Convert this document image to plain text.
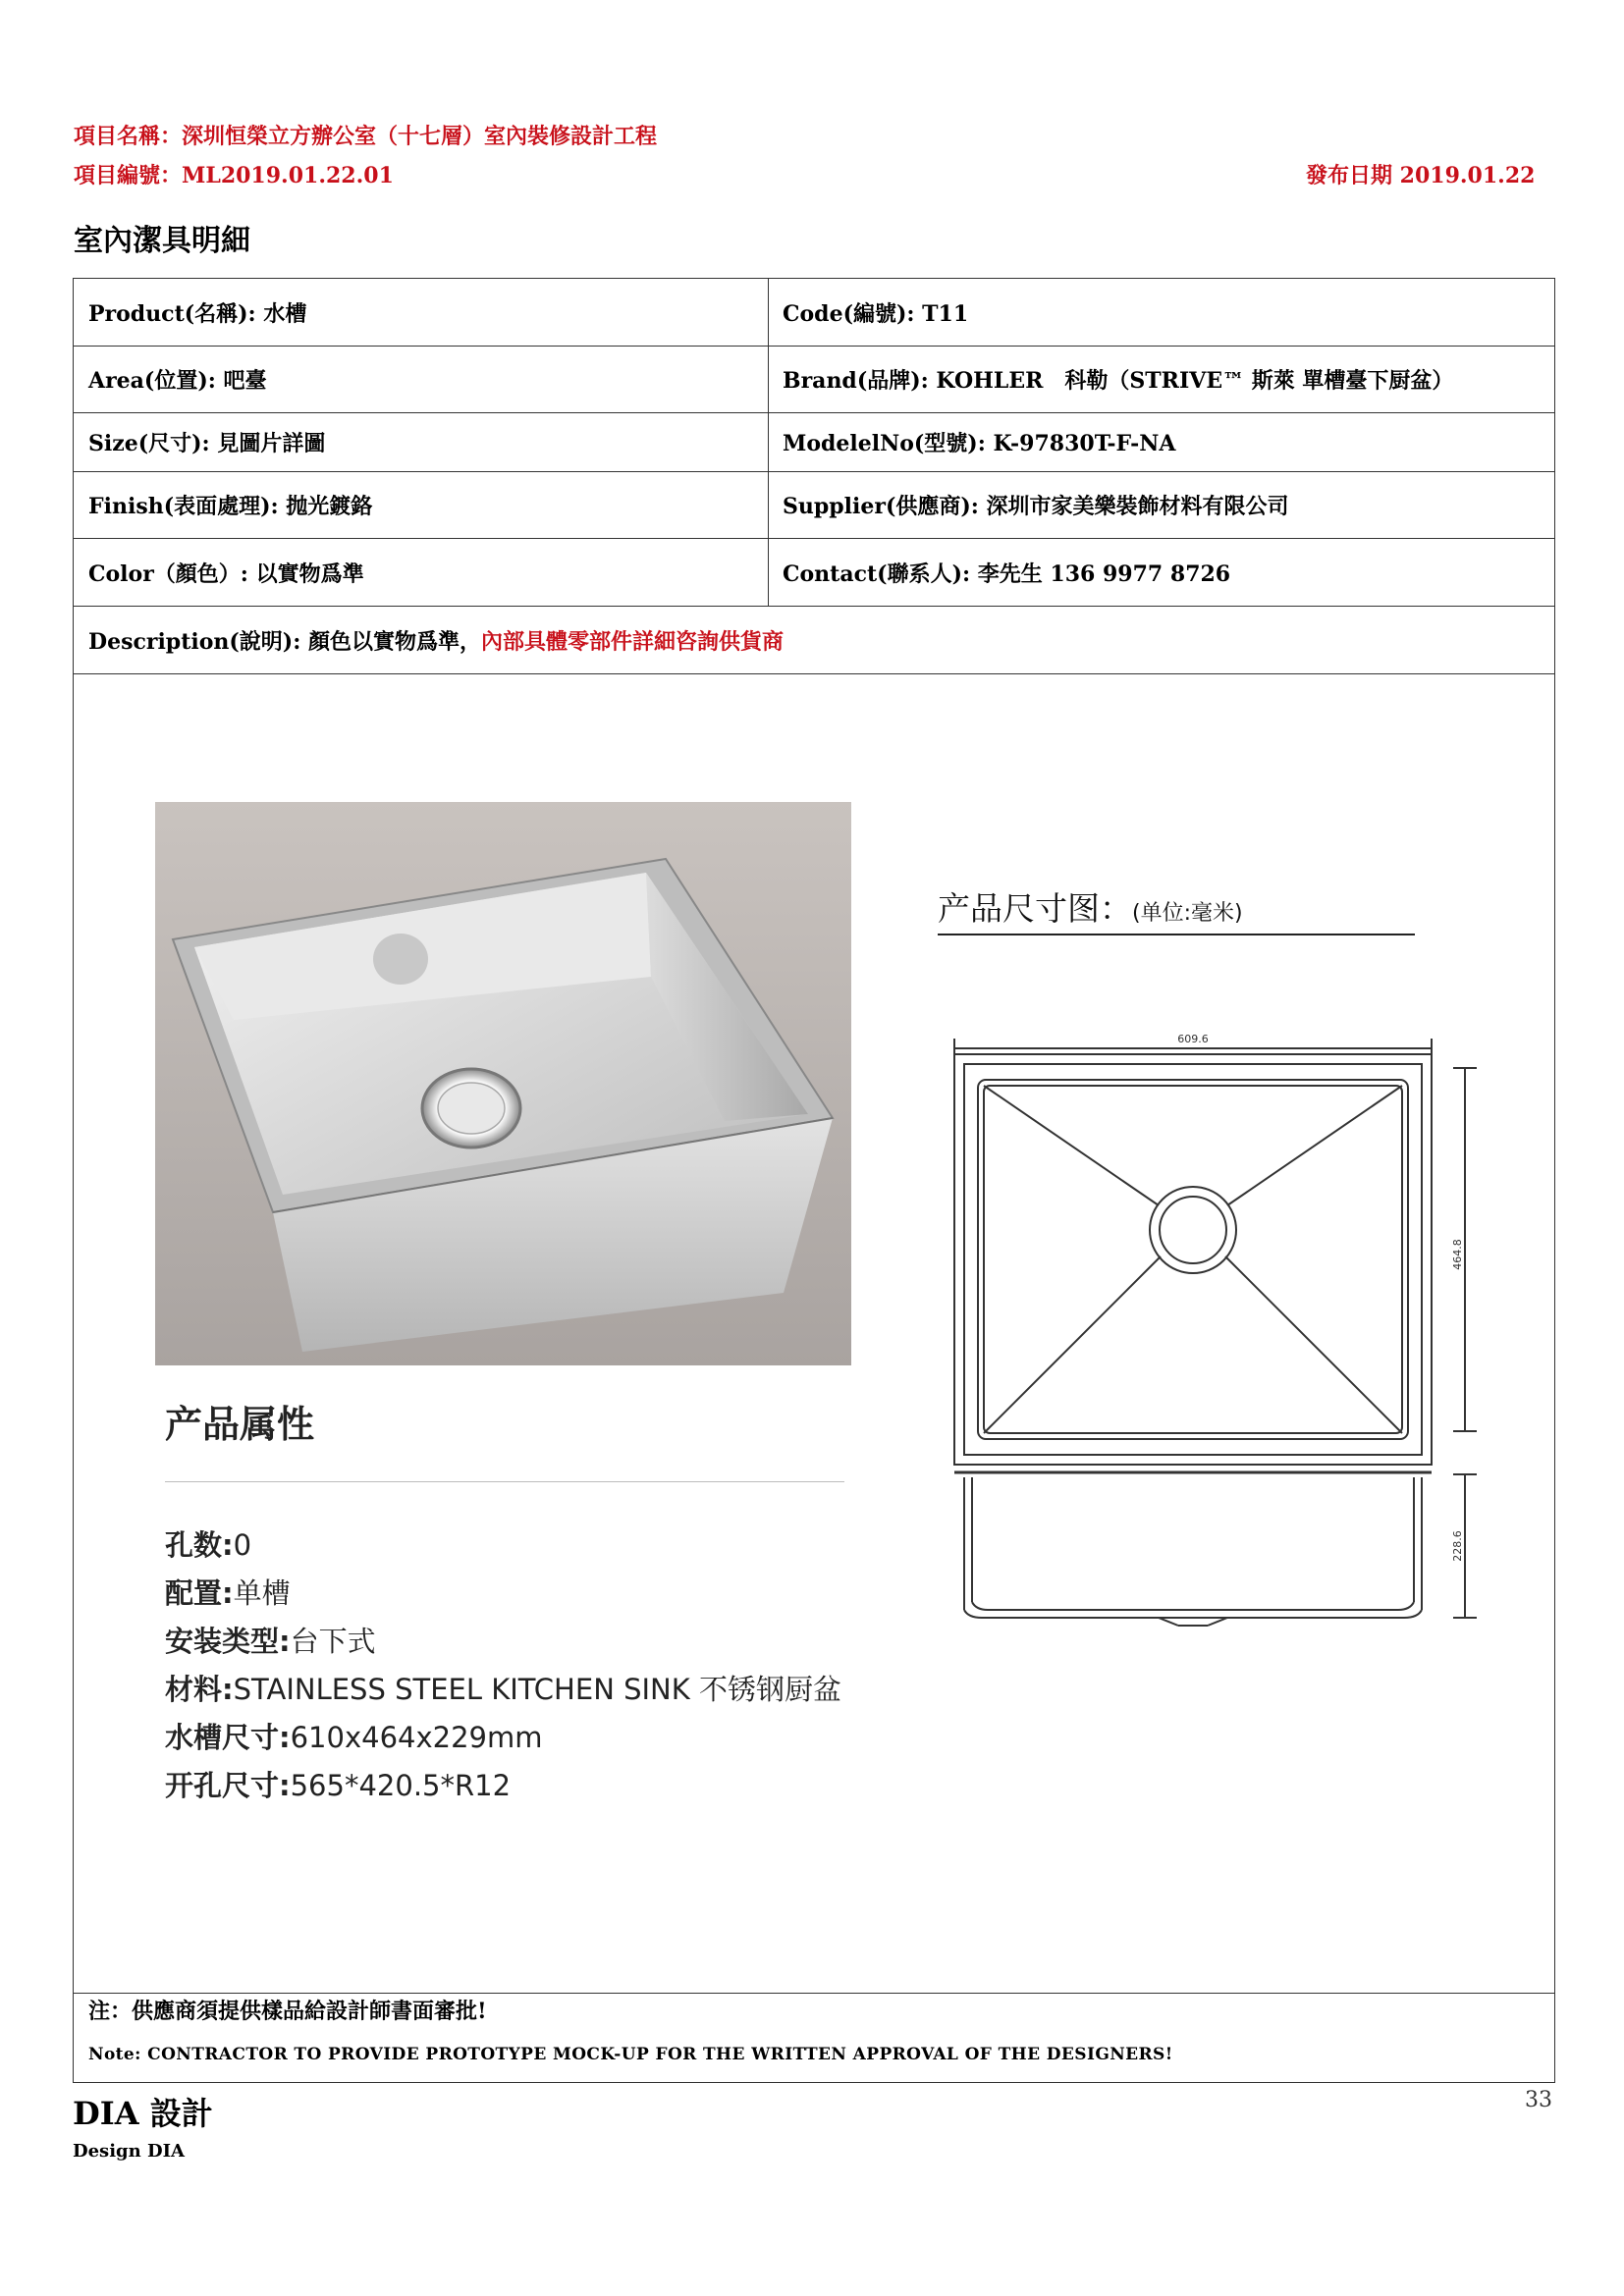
項目名稱：深圳恒榮立方辦公室（十七層）室內裝修設計工程
項目編號：ML2019.01.22.01	發布日期 2019.01.22
室內潔具明細
Product(名稱): 水槽	Code(編號): T11
Area(位置): 吧臺	Brand(品牌): KOHLER　科勒（STRIVE™ 斯萊 單槽臺下厨盆）
Size(尺寸): 見圖片詳圖	ModelelNo(型號): K-97830T-F-NA
Finish(表面處理): 抛光鍍鉻	Supplier(供應商): 深圳市家美樂裝飾材料有限公司
Color（顏色）: 以實物爲準	Contact(聯系人): 李先生 136 9977 8726
Description(說明): 顏色以實物爲準， 內部具體零部件詳細咨詢供貨商
产品属性
孔数:0
配置:单槽
安装类型:台下式
材料:STAINLESS STEEL KITCHEN SINK 不锈钢厨盆
水槽尺寸:610x464x229mm
开孔尺寸:565*420.5*R12
产品尺寸图：(单位:毫米)
609.6
464.8
228.6
注：供應商須提供樣品給設計師書面審批!
Note: CONTRACTOR TO PROVIDE PROTOTYPE MOCK-UP FOR THE WRITTEN APPROVAL OF THE DESIGNERS!
DIA 設計
Design DIA
33
